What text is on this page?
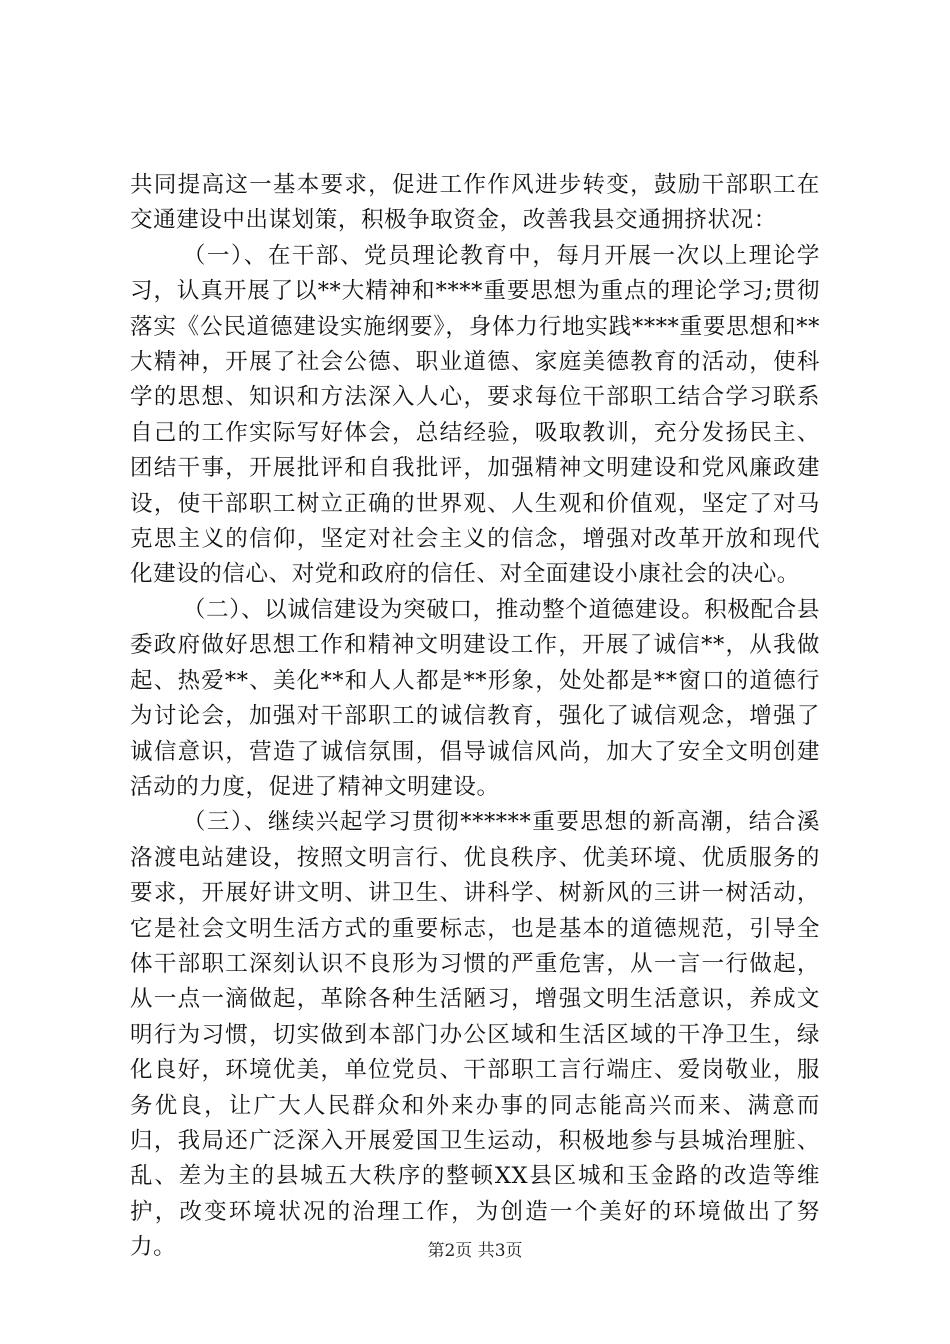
共同提高这一基本要求，促进工作作风进步转变，鼓励干部职工在交通建设中出谋划策，积极争取资金，改善我县交通拥挤状况：

（一）、在干部、党员理论教育中，每月开展一次以上理论学习，认真开展了以**大精神和****重要思想为重点的理论学习;贯彻落实《公民道德建设实施纲要》，身体力行地实践****重要思想和**大精神，开展了社会公德、职业道德、家庭美德教育的活动，使科学的思想、知识和方法深入人心，要求每位干部职工结合学习联系自己的工作实际写好体会，总结经验，吸取教训，充分发扬民主、团结干事，开展批评和自我批评，加强精神文明建设和党风廉政建设，使干部职工树立正确的世界观、人生观和价值观，坚定了对马克思主义的信仰，坚定对社会主义的信念，增强对改革开放和现代化建设的信心、对党和政府的信任、对全面建设小康社会的决心。

（二）、以诚信建设为突破口，推动整个道德建设。积极配合县委政府做好思想工作和精神文明建设工作，开展了诚信**，从我做起、热爱**、美化**和人人都是**形象，处处都是**窗口的道德行为讨论会，加强对干部职工的诚信教育，强化了诚信观念，增强了诚信意识，营造了诚信氛围，倡导诚信风尚，加大了安全文明创建活动的力度，促进了精神文明建设。

（三）、继续兴起学习贯彻******重要思想的新高潮，结合溪洛渡电站建设，按照文明言行、优良秩序、优美环境、优质服务的要求，开展好讲文明、讲卫生、讲科学、树新风的三讲一树活动，它是社会文明生活方式的重要标志，也是基本的道德规范，引导全体干部职工深刻认识不良形为习惯的严重危害，从一言一行做起，从一点一滴做起，革除各种生活陋习，增强文明生活意识，养成文明行为习惯，切实做到本部门办公区域和生活区域的干净卫生，绿化良好，环境优美，单位党员、干部职工言行端庄、爱岗敬业，服务优良，让广大人民群众和外来办事的同志能高兴而来、满意而归，我局还广泛深入开展爱国卫生运动，积极地参与县城治理脏、乱、差为主的县城五大秩序的整顿XX县区城和玉金路的改造等维护，改变环境状况的治理工作，为创造一个美好的环境做出了努力。	第2页 共3页
